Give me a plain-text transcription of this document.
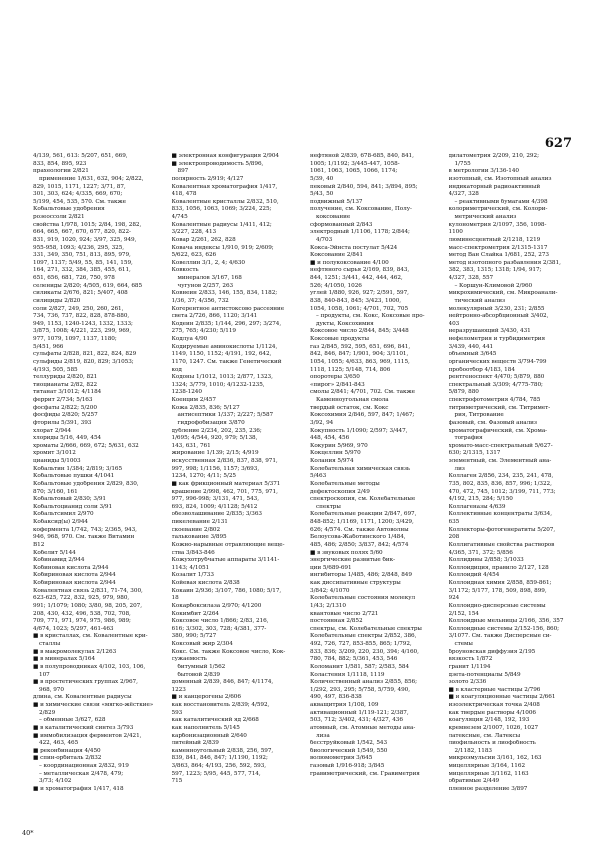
627
4/139, 561, 613: 5/207, 651, 669,
833, 854, 895, 923
прахеологии 2/821
применение 1/631, 632, 904; 2/822,
829, 1015, 1171, 1227; 3/71, 87,
301, 303, 624; 4/335, 669, 670;
5/199, 454, 535, 570. См. также
Кобальтовые удобрения
розеоссоли 2/821
свойства 1/978, 1015; 2/84, 198, 282,
664, 665, 667, 670, 677, 820, 822-
831, 919, 1020, 924; 3/97, 325, 949,
955-958, 1093; 4/236, 295, 325,
331, 349, 350, 751, 813, 895, 979,
1097, 1137; 5/49, 55, 85, 141, 159,
164, 271, 332, 384, 385, 455, 611,
651, 656, 681, 726, 750, 978
селениды 2/820; 4/505, 619, 664, 685
силикаты 2/676, 821; 5/407, 408
силициды 2/820
соли 2/827, 249, 250, 260, 261,
734, 736, 737, 822, 828, 878-880,
949, 1153, 1240-1243, 1332, 1333;
3/875, 1008; 4/221, 223, 299, 969,
977, 1079, 1097, 1137, 1180;
5/451, 966
сульфаты 2/828, 821, 822, 824, 829
сульфиды 2/819, 820, 829; 3/1053;
4/193, 505, 585
теллуриды 2/820, 821
тиоцианаты 2/82, 822
титанат 3/1012; 4/1184
феррит 2/734; 5/163
фосфаты 2/822; 5/200
фосфиды 2/820; 5/257
фторилы 5/391, 393
хлорат 2/944
хлориды 5/16, 449, 454
хроматы 2/666, 669, 672; 5/631, 632
хромит 3/1012
цианиды 5/1003
Кобальтин 1/384; 2/819; 3/165
Кобальтовые пушки 4/1041
Кобальтовые удобрения 2/829, 830,
870; 3/160, 161
Кобальтовый 2/830; 3/91
Кобальтоцианид соли 3/91
Кобальтсимил 2/970
Кобаксид(ы) 2/944
кофермента 1/742, 743; 2/365, 943,
946, 968, 970. См. также Витамин
B12
Кобелит 5/144
Кобинамид 2/944
Кобиновая кислота 2/944
Кобириновая кислота 2/944
Кобириновая кислота 2/944
Ковалентная связь 2/831, 71-74, 300,
623-625, 722, 832, 925, 979, 980,
991; 1/1079; 1080; 3/80, 98, 205, 207,
208, 430, 432, 496, 538, 702, 708,
709, 771, 971, 974, 975, 986, 989;
4/674, 1023; 5/297, 461-463
■ в кристаллах, см. Ковалентные кри-
сталлы
■ в макромолекулах 2/1263
■ в минералах 5/164
■ в полупроводниках 4/102, 103, 106,
107
■ в простетических группах 2/967,
968, 970
длина, см. Ковалентные радиусы
■ и химические связи «мягко-жёсткие»
2/829
– обменные 3/627, 628
■ в каталитический синтез 3/793
■ иммобилизация ферментов 2/421,
422, 463, 465
■ реконбинация 4/450
■ спин-орбиталь 2/832
– координационная 2/832, 919
– металлическая 2/478, 479;
3/73; 4/102
■ и хроматография 1/417, 418
■ электронная конфигурация 2/904
■ электропроводимость 5/896,
897
полярность 2/919; 4/127
Ковалентная хроматография 1/417,
418, 478
Ковалентные кристаллы 2/832, 510,
833, 1056, 1063, 1069; 3/224, 225;
4/745
Ковалентные радиусы 1/411, 412;
3/227, 228, 413
Ковар 2/261, 262, 828
Ковача индексы 1/910, 919; 2/609;
5/622, 623, 626
Ковеллин 3/1, 2, 4; 4/630
Ковкость
минералов 3/167, 168
чугунов 2/257, 263
Ковнеин 2/833, 146, 155, 834, 1182;
1/36, 37; 4/356, 732
Когерентное антистоксово рассеяние
света 2/726, 866, 1120; 3/141
Кодеин 2/835; 1/144, 296, 297; 3/274,
275, 765; 4/230; 5/119
Кодлуа 4/90
Кодируемые аминокислоты 1/1124,
1149, 1150, 1152; 4/191, 192, 642,
1170, 1247. См. также Генетический
код
Кодоны 1/1012, 1013; 2/877, 1323,
1324; 3/779, 1010; 4/1232-1235,
1238-1240
Коенцим 2/457
Кожа 2/835, 836; 5/127
антисептики 1/337; 2/227; 5/587
гидрофобизация 3/870
дубление 2/234, 202, 235, 236;
1/695; 4/544, 920, 979; 5/138,
143, 631, 761
жирование 1/139; 2/15; 4/919
искусственная 2/836, 837, 838, 971,
997, 998; 1/1156, 1157; 3/693,
1234, 1270; 4/11; 5/25
■ как фрикционный материал 5/371
крашение 2/998, 462, 701, 775, 971,
977, 996-998; 3/131, 471, 543,
693, 824, 1009; 4/1128; 5/412
обезволашивание 2/835; 3/363
пикелевание 2/131
скоевание 2/802
талькование 3/895
Кожно-нарывные отравляющие веще-
ства 3/843-846
Кожухотрубчатые аппараты 3/1141-
1143; 4/1051
Козалит 1/733
Койевая кислота 2/838
Кокаин 2/936; 3/107, 786, 1080; 5/17,
18
Кокарбоксилаза 2/970; 4/1200
Кокимбит 2/264
Коксовое число 1/866; 2/83, 216,
616; 3/302, 303, 728; 4/381, 377-
380, 990; 5/727
Коксовый жир 2/304
Кокс. См. также Коксовое число, Кок-
сужаемость
битумный 1/562
бытовой 2/839
доменный 2/839, 846, 847; 4/1174,
1223
■ и канцерогены 2/606
как восстановитель 2/839; 4/592,
593
как каталитический яд 2/668
как наполнитель 5/145
карбонизационный 2/640
литейный 2/839
каменноугольный 2/838, 256, 597,
839, 841, 846, 847; 1/1190, 1192;
3/863, 864; 4/193, 256, 592, 593,
597, 1223; 5/95, 445, 577, 714,
715
нефтяной 2/839, 678-685, 840, 841,
1005; 1/1192; 3/445-447, 1058-
1061, 1063, 1065, 1066, 1174;
5/39, 40
пековый 2/840, 594, 841; 3/894, 895;
5/43, 50
подвижный 5/137
получение, см. Коксование, Полу-
коксование
сформованный 2/843
электродный 1/1106, 1178; 2/844;
4/703
Кокса-Эйнста постулат 5/424
Коксование 2/841
■ и полукоксование 4/100
нефтяного сырья 2/169, 839, 843,
844, 1251; 3/441, 442, 444, 462,
526; 4/1050, 1026
углей 1/880, 926, 927; 2/591, 597,
838, 840-843, 845; 3/423, 1000,
1054, 1058, 1061; 4/701, 702, 705
– продукты, см. Кокс, Коксовые про-
дукты, Коксохимия
Коксовое число 2/844, 845; 3/448
Коксовые продукты
газ 2/845, 592, 595, 651, 696, 841,
842, 846, 847; 1/901, 904; 3/1101,
1054, 1055; 4/633, 863, 969, 1115,
1118, 1125; 5/148, 714, 806
опоротеры 3/650
«пирог» 2/841-843
смолы 2/841; 4/701, 702. См. также
Каменноугольная смола
твердый остаток, см. Кокс
Коксохимия 2/846, 597, 847; 1/467;
3/92, 94
Кокупность 1/1090; 2/597; 3/447,
448, 454, 456
Кокурин 5/969, 970
Кокцеллин 5/970
Колания 5/974
Колебательная химическая связь
5/463
Колебательные методы
дефектоскопия 2/49
спектроскопия, см. Колебательные
спектры
Колебательные реакции 2/847, 697,
848-852; 1/1169, 1171, 1200; 3/429,
626; 4/574. См. также Автоволны
Белоусова-Жаботинского 1/484,
485, 486; 2/850; 3/837, 842; 4/574
■ в звуковых полях 5/60
энергические развитые бик-
ции 5/689-691
ингибиторы 1/485, 486; 2/848, 849
как диссипативные структуры
3/842; 4/1070
Колебательные состояния молекул
1/43; 2/1310
квантовые число 2/721
постоянная 2/852
спектры, см. Колебательные спектры
Колебательные спектры 2/852, 386,
492, 726, 727, 853-855, 865; 1/792,
833, 836; 3/209, 220, 230, 394; 4/160,
780, 784, 882; 5/361, 453, 546
Коломанит 1/581, 587; 2/583, 584
Коластения 1/1118, 1119
Количественный анализ 2/855, 856;
1/292, 293, 295; 5/758, 5/759, 490,
490, 497, 836-838
акващитрия 1/108, 109
активационный 1/119-121; 2/387,
503, 712; 3/402, 431; 4/327, 436
атомный, см. Атомные методы ана-
лиза
бесструйковый 1/542, 543
биологический 1/549, 550
волюмометрия 3/645
газовый 1/916-918; 3/845
гравиметрический, см. Гравиметрия
дилатометрия 2/209, 210, 292;
1/755
в метрологии 3/136-140
изотопный, см. Изотопный анализ
индикаторный радиоактивный
4/327, 328
– реактивными бумагами 4/398
колориметрический, см. Колори-
метрический анализ
кулонометрия 2/1097, 356, 1098-
1100
люминесцентный 2/1218, 1219
масс-спектрометрия 2/1315-1317
метод Ван Слайка 1/681, 252, 273
метод изотопного разбавления 2/381,
382, 383, 1315; 1318; 1/94, 917;
4/327, 328, 557
– Коршун-Климовой 2/960
микрохимический, см. Микроанали-
тический анализ
молекулярный 3/230, 231; 2/855
нейтронно-абсорбционный 3/402,
403
неразрушающий 3/430, 431
нефелометрия и турбидиметрия
3/439, 440, 441
объемный 3/645
органических веществ 3/794-799
пробоотбор 4/183, 184
рентгеноспект 4/470; 5/879, 880
спектральный 3/309; 4/775-780;
5/879, 880
спектрофотометрия 4/784, 785
титриметрический, см. Титримет-
рия, Титрование
фазовый, см. Фазовый анализ
хроматографический, см. Хрома-
тография
хромато-масс-спектральный 5/627-
630; 2/1315, 1317
элементный, см. Элементный ана-
лиз
Коллаген 2/856, 234, 235, 241, 478,
735, 802, 835, 836, 857, 996; 1/322,
470, 472, 745, 1012; 3/199, 711, 773;
4/192, 215, 284; 5/150
Коллагеназы 4/639
Коллективные концентраты 3/634,
635
Коллекторы-фотогенератиты 5/207,
208
Коллигативные свойства растворов
4/365, 371, 372; 5/856
Коллидины 2/858; 3/1033
Коллоидиция, правило 2/127, 128
Коллоидий 4/454
Коллоидная химия 2/858, 859-861;
3/1172; 5/177, 178, 509, 898, 899,
924
Коллоидно-дисперсные системы
2/152, 154
Коллоидные мельницы 2/166, 356, 357
Коллоидные системы 2/152-156, 860;
3/1077. См. также Дисперсные си-
стемы
броуновская диффузия 2/195
вязкость 1/872
гранит 1/1194
дзета-потенциалы 5/849
золото 2/336
■ в кластерные частицы 2/796
■ и коагуляционные частицы 2/661
изоэлектрическая точка 2/408
как твердые растворы 4/1006
коагуляция 2/148, 192, 193
кремнезем 2/1007, 1026, 1027
латексные, см. Латексы
лиофильность и лиофобность
2/1182, 1183
микроэмульсии 3/161, 162, 163
мицеллярные 3/164, 1162
мицеллярные 3/1162, 1163
обратимые 2/449
пленное разделение 3/897
40*
